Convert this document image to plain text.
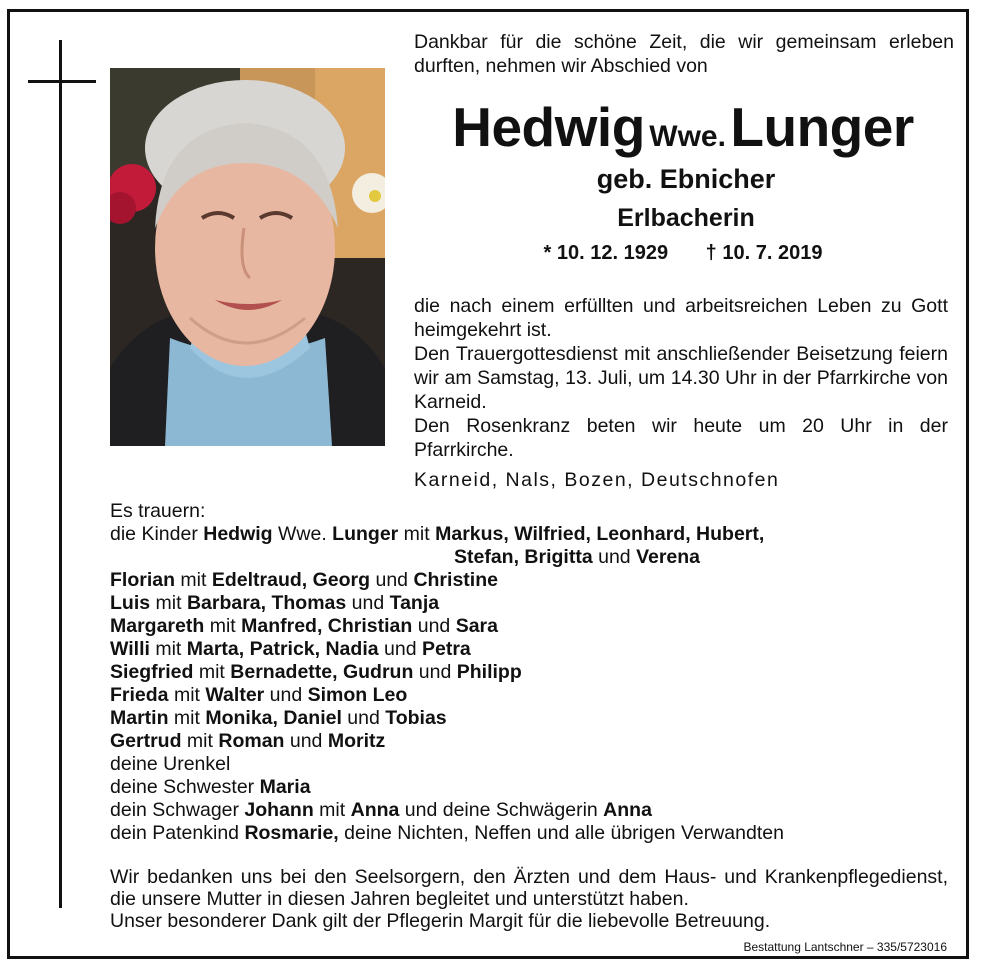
Dankbar für die schöne Zeit, die wir gemeinsam erleben durften, nehmen wir Abschied von
Hedwig Wwe. Lunger
geb. Ebnicher
Erlbacherin
* 10. 12. 1929 † 10. 7. 2019

die nach einem erfüllten und arbeitsreichen Leben zu Gott heimgekehrt ist.

Den Trauergottesdienst mit anschließender Beisetzung feiern wir am Samstag, 13. Juli, um 14.30 Uhr in der Pfarrkirche von Karneid.

Den Rosenkranz beten wir heute um 20 Uhr in der Pfarrkirche.

Karneid, Nals, Bozen, Deutschnofen
Es trauern:
die Kinder Hedwig Wwe. Lunger mit Markus, Wilfried, Leonhard, Hubert,
Stefan, Brigitta und Verena
Florian mit Edeltraud, Georg und Christine
Luis mit Barbara, Thomas und Tanja
Margareth mit Manfred, Christian und Sara
Willi mit Marta, Patrick, Nadia und Petra
Siegfried mit Bernadette, Gudrun und Philipp
Frieda mit Walter und Simon Leo
Martin mit Monika, Daniel und Tobias
Gertrud mit Roman und Moritz
deine Urenkel
deine Schwester Maria
dein Schwager Johann mit Anna und deine Schwägerin Anna
dein Patenkind Rosmarie, deine Nichten, Neffen und alle übrigen Verwandten

Wir bedanken uns bei den Seelsorgern, den Ärzten und dem Haus- und Krankenpflegedienst, die unsere Mutter in diesen Jahren begleitet und unterstützt haben.

Unser besonderer Dank gilt der Pflegerin Margit für die liebevolle Betreuung.

Bestattung Lantschner – 335/5723016
